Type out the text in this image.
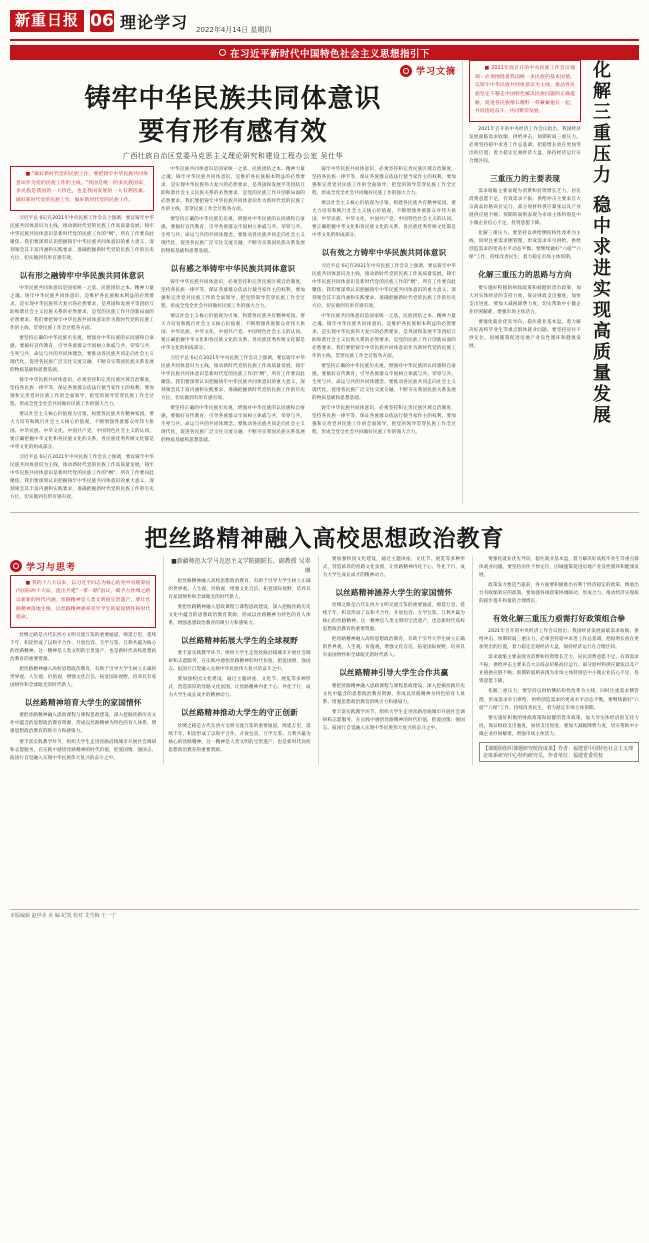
新重日报 06 理论学习 2022年4月14日 星期四
在习近平新时代中国特色社会主义思想指引下
学习文摘
铸牢中华民族共同体意识
要有形有感有效
广西壮族自治区党委马克思主义理论研究和建设工程办公室 吴仕华

■ "做好新时代党的民族工作，要把铸牢中华民族共同体意识作为党的民族工作的主线。"我国是统一的多民族国家，多民族是我国的一大特色，也是我国发展的一大有利因素。做好新时代党的民族工作，做好新时代党的民族工作。

习近平总书记在2021年中央民族工作会议上强调，要以铸牢中华民族共同体意识为主线，推动新时代党的民族工作高质量发展。铸牢中华民族共同体意识是新时代党的民族工作的"纲"，所有工作要向此聚焦。我们要深刻认识把握铸牢中华民族共同体意识的重大意义，深刻领会其丰富内涵和实践要求，准确把握新时代党的民族工作的历史方位，切实做到有形有感有效。

以有形之融铸牢中华民族共同体意识

中华民族共同体意识是国家统一之基、民族团结之本、精神力量之魂。铸牢中华民族共同体意识，是维护各民族根本利益的必然要求，是实现中华民族伟大复兴的必然要求，是巩固和发展平等团结互助和谐社会主义民族关系的必然要求，是党的民族工作开创新局面的必然要求。我们要把铸牢中华民族共同体意识作为新时代党的民族工作的主线，贯穿民族工作全过程各方面。

要坚持正确的中华民族历史观，增强对中华民族的认同感和自豪感。要搞好宣传教育，引导各族群众牢固树立休戚与共、荣辱与共、生死与共、命运与共的共同体理念。要推动各民族共同走向社会主义现代化，促进各民族广泛交往交流交融，不断夯实我国民族关系发展的物质基础和思想基础。

铸牢中华民族共同体意识，必须坚持和完善民族区域自治制度，坚持各民族一律平等，保证各族群众依法行使当家作主的权利。要加强和完善党对民族工作的全面领导，把党的领导贯穿民族工作全过程，形成全党全社会共同做好民族工作的强大合力。

要以社会主义核心价值观为引领，构建各民族共有精神家园。要大力培育和践行社会主义核心价值观，不断增强各族群众对伟大祖国、中华民族、中华文化、中国共产党、中国特色社会主义的认同。要正确把握中华文化和各民族文化的关系，各民族优秀传统文化都是中华文化的组成部分。

习近平总书记在2021年中央民族工作会议上强调，要以铸牢中华民族共同体意识为主线，推动新时代党的民族工作高质量发展。铸牢中华民族共同体意识是新时代党的民族工作的"纲"，所有工作要向此聚焦。我们要深刻认识把握铸牢中华民族共同体意识的重大意义，深刻领会其丰富内涵和实践要求，准确把握新时代党的民族工作的历史方位，切实做到有形有感有效。

中华民族共同体意识是国家统一之基、民族团结之本、精神力量之魂。铸牢中华民族共同体意识，是维护各民族根本利益的必然要求，是实现中华民族伟大复兴的必然要求，是巩固和发展平等团结互助和谐社会主义民族关系的必然要求，是党的民族工作开创新局面的必然要求。我们要把铸牢中华民族共同体意识作为新时代党的民族工作的主线，贯穿民族工作全过程各方面。

要坚持正确的中华民族历史观，增强对中华民族的认同感和自豪感。要搞好宣传教育，引导各族群众牢固树立休戚与共、荣辱与共、生死与共、命运与共的共同体理念。要推动各民族共同走向社会主义现代化，促进各民族广泛交往交流交融，不断夯实我国民族关系发展的物质基础和思想基础。

以有感之举铸牢中华民族共同体意识

铸牢中华民族共同体意识，必须坚持和完善民族区域自治制度，坚持各民族一律平等，保证各族群众依法行使当家作主的权利。要加强和完善党对民族工作的全面领导，把党的领导贯穿民族工作全过程，形成全党全社会共同做好民族工作的强大合力。

要以社会主义核心价值观为引领，构建各民族共有精神家园。要大力培育和践行社会主义核心价值观，不断增强各族群众对伟大祖国、中华民族、中华文化、中国共产党、中国特色社会主义的认同。要正确把握中华文化和各民族文化的关系，各民族优秀传统文化都是中华文化的组成部分。

习近平总书记在2021年中央民族工作会议上强调，要以铸牢中华民族共同体意识为主线，推动新时代党的民族工作高质量发展。铸牢中华民族共同体意识是新时代党的民族工作的"纲"，所有工作要向此聚焦。我们要深刻认识把握铸牢中华民族共同体意识的重大意义，深刻领会其丰富内涵和实践要求，准确把握新时代党的民族工作的历史方位，切实做到有形有感有效。

要坚持正确的中华民族历史观，增强对中华民族的认同感和自豪感。要搞好宣传教育，引导各族群众牢固树立休戚与共、荣辱与共、生死与共、命运与共的共同体理念。要推动各民族共同走向社会主义现代化，促进各民族广泛交往交流交融，不断夯实我国民族关系发展的物质基础和思想基础。

铸牢中华民族共同体意识，必须坚持和完善民族区域自治制度，坚持各民族一律平等，保证各族群众依法行使当家作主的权利。要加强和完善党对民族工作的全面领导，把党的领导贯穿民族工作全过程，形成全党全社会共同做好民族工作的强大合力。

要以社会主义核心价值观为引领，构建各民族共有精神家园。要大力培育和践行社会主义核心价值观，不断增强各族群众对伟大祖国、中华民族、中华文化、中国共产党、中国特色社会主义的认同。要正确把握中华文化和各民族文化的关系，各民族优秀传统文化都是中华文化的组成部分。

以有效之方铸牢中华民族共同体意识

习近平总书记在2021年中央民族工作会议上强调，要以铸牢中华民族共同体意识为主线，推动新时代党的民族工作高质量发展。铸牢中华民族共同体意识是新时代党的民族工作的"纲"，所有工作要向此聚焦。我们要深刻认识把握铸牢中华民族共同体意识的重大意义，深刻领会其丰富内涵和实践要求，准确把握新时代党的民族工作的历史方位，切实做到有形有感有效。

中华民族共同体意识是国家统一之基、民族团结之本、精神力量之魂。铸牢中华民族共同体意识，是维护各民族根本利益的必然要求，是实现中华民族伟大复兴的必然要求，是巩固和发展平等团结互助和谐社会主义民族关系的必然要求，是党的民族工作开创新局面的必然要求。我们要把铸牢中华民族共同体意识作为新时代党的民族工作的主线，贯穿民族工作全过程各方面。

要坚持正确的中华民族历史观，增强对中华民族的认同感和自豪感。要搞好宣传教育，引导各族群众牢固树立休戚与共、荣辱与共、生死与共、命运与共的共同体理念。要推动各民族共同走向社会主义现代化，促进各民族广泛交往交流交融，不断夯实我国民族关系发展的物质基础和思想基础。

铸牢中华民族共同体意识，必须坚持和完善民族区域自治制度，坚持各民族一律平等，保证各族群众依法行使当家作主的权利。要加强和完善党对民族工作的全面领导，把党的领导贯穿民族工作全过程，形成全党全社会共同做好民族工作的强大合力。

■ 2021年底召开的中央民族工作会议强调：必须围绕着我国统一多民族的基本国情，以铸牢中华民族共同体意识为主线，推动各民族坚定不移走中国特色解决民族问题的正确道路，促进各民族像石榴籽一样紧紧抱在一起，共同团结奋斗、共同繁荣发展。

2021年召开的中央经济工作会议指出，我国经济发展面临需求收缩、供给冲击、预期转弱三重压力。必须坚持稳中求进工作总基调，把稳增长放在更加突出的位置，着力稳定宏观经济大盘，保持经济运行在合理区间。

三重压力的主要表现

需求收缩主要表现为消费和投资增长乏力，居民消费意愿不足，有效需求不振；供给冲击主要来自大宗商品价格高位运行、部分原材料供应紧张以及产业链供应链不畅；预期转弱则表现为市场主体特别是中小微企业信心不足，投资意愿下降。

化解三重压力，要坚持以供给侧结构性改革为主线，同时注重需求侧管理，形成需求牵引供给、供给创造需求的更高水平动态平衡。要继续做好"六稳""六保"工作，持续改善民生，着力稳定市场主体预期。

化解三重压力的思路与方向

要实施好积极的财政政策和稳健的货币政策，加大对实体经济的支持力度，保证财政支出强度，加快支出进度。要加大减税降费力度，切实帮助中小微企业纾困解难，增强市场主体活力。

要强化就业优先导向，稳住就业基本盘，着力解决好高校毕业生等重点群体就业问题。要坚持房住不炒定位，因城施策促进房地产业良性循环和健康发展。	化解三重压力 稳中求进实现高质量发展
把丝路精神融入高校思想政治教育
学习与思考

■ 我的十八大以来，以习近平同志为核心的党中央统筹国内国际两个大局，提出共建"一带一路"倡议，赋予古丝绸之路以崭新的时代内涵。丝路精神是人类文明的宝贵遗产，要让丝路精神落地生根，以丝路精神涵养青年学生的家国情怀和时代使命。

丝绸之路是古代东西方文明交流互鉴的重要通道，绵延万里，延续千年，积淀形成了以和平合作、开放包容、互学互鉴、互利共赢为核心的丝路精神。这一精神是人类文明的宝贵遗产，也是新时代高校思想政治教育的重要资源。

把丝路精神融入高校思想政治教育，有助于引导大学生树立正确的世界观、人生观、价值观，增强文化自信，拓宽国际视野，培养具有家国情怀和全球眼光的时代新人。

以丝路精神培育大学生的家国情怀

要把丝路精神融入思政课程与课程思政建设，深入挖掘丝路历史文化中蕴含的思想政治教育资源，形成以丝路精神为特色的育人体系，增强思想政治教育的吸引力和感染力。

要丰富实践教学环节，组织大学生走进丝路沿线城市开展社会调研和志愿服务，在实践中感悟丝路精神的时代价值，把爱国情、强国志、报国行自觉融入实现中华民族伟大复兴的奋斗之中。

■新疆师范大学马克思主义学院副院长、副教授 吴翠丽

把丝路精神融入高校思想政治教育，有助于引导大学生树立正确的世界观、人生观、价值观，增强文化自信，拓宽国际视野，培养具有家国情怀和全球眼光的时代新人。

要把丝路精神融入思政课程与课程思政建设，深入挖掘丝路历史文化中蕴含的思想政治教育资源，形成以丝路精神为特色的育人体系，增强思想政治教育的吸引力和感染力。

以丝路精神拓展大学生的全球视野

要丰富实践教学环节，组织大学生走进丝路沿线城市开展社会调研和志愿服务，在实践中感悟丝路精神的时代价值，把爱国情、强国志、报国行自觉融入实现中华民族伟大复兴的奋斗之中。

要加强校园文化建设，通过主题讲座、文化节、展览等多种形式，营造浓厚的丝路文化氛围，让丝路精神内化于心、外化于行，成为大学生成长成才的精神动力。

以丝路精神推动大学生的守正创新

丝绸之路是古代东西方文明交流互鉴的重要通道，绵延万里，延续千年，积淀形成了以和平合作、开放包容、互学互鉴、互利共赢为核心的丝路精神。这一精神是人类文明的宝贵遗产，也是新时代高校思想政治教育的重要资源。

要加强校园文化建设，通过主题讲座、文化节、展览等多种形式，营造浓厚的丝路文化氛围，让丝路精神内化于心、外化于行，成为大学生成长成才的精神动力。

以丝路精神涵养大学生的家国情怀

丝绸之路是古代东西方文明交流互鉴的重要通道，绵延万里，延续千年，积淀形成了以和平合作、开放包容、互学互鉴、互利共赢为核心的丝路精神。这一精神是人类文明的宝贵遗产，也是新时代高校思想政治教育的重要资源。

把丝路精神融入高校思想政治教育，有助于引导大学生树立正确的世界观、人生观、价值观，增强文化自信，拓宽国际视野，培养具有家国情怀和全球眼光的时代新人。

以丝路精神引导大学生合作共赢

要把丝路精神融入思政课程与课程思政建设，深入挖掘丝路历史文化中蕴含的思想政治教育资源，形成以丝路精神为特色的育人体系，增强思想政治教育的吸引力和感染力。

要丰富实践教学环节，组织大学生走进丝路沿线城市开展社会调研和志愿服务，在实践中感悟丝路精神的时代价值，把爱国情、强国志、报国行自觉融入实现中华民族伟大复兴的奋斗之中。

要强化就业优先导向，稳住就业基本盘，着力解决好高校毕业生等重点群体就业问题。要坚持房住不炒定位，因城施策促进房地产业良性循环和健康发展。

政策发力要适当靠前，各方面要积极推出有利于经济稳定的政策，慎重出台有收缩效应的政策。要加强各项政策协调联动，形成合力，推动经济实现质的稳步提升和量的合理增长。

有效化解三重压力亟需打好政策组合拳

2021年召开的中央经济工作会议指出，我国经济发展面临需求收缩、供给冲击、预期转弱三重压力。必须坚持稳中求进工作总基调，把稳增长放在更加突出的位置，着力稳定宏观经济大盘，保持经济运行在合理区间。

需求收缩主要表现为消费和投资增长乏力，居民消费意愿不足，有效需求不振；供给冲击主要来自大宗商品价格高位运行、部分原材料供应紧张以及产业链供应链不畅；预期转弱则表现为市场主体特别是中小微企业信心不足，投资意愿下降。

化解三重压力，要坚持以供给侧结构性改革为主线，同时注重需求侧管理，形成需求牵引供给、供给创造需求的更高水平动态平衡。要继续做好"六稳""六保"工作，持续改善民生，着力稳定市场主体预期。

要实施好积极的财政政策和稳健的货币政策，加大对实体经济的支持力度，保证财政支出强度，加快支出进度。要加大减税降费力度，切实帮助中小微企业纾困解难，增强市场主体活力。

【课题组组织课题研究阶段成果】作者：福建省中国特色社会主义理论体系研究中心特约研究员，作者单位：福建省委党校
本版编辑 赵世美 美 编 纪凯 校对 艾雪梅 王一宁
